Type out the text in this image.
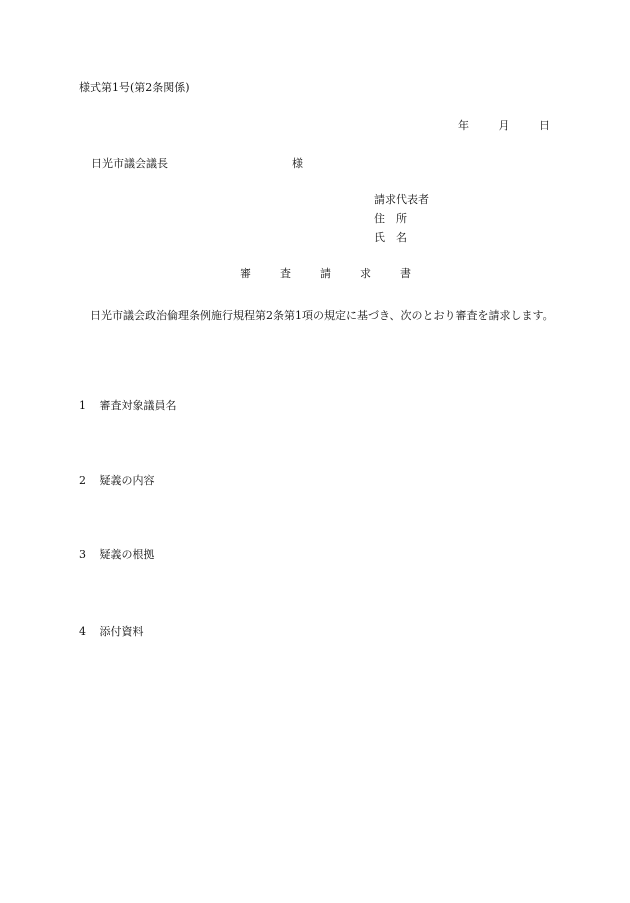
様式第1号(第2条関係)
年	月	日
日光市議会議長	様
請求代表者
住　所
氏　名
審	査	請	求	書
日光市議会政治倫理条例施行規程第2条第1項の規定に基づき、次のとおり審査を請求します。
1 審査対象議員名
2 疑義の内容
3 疑義の根拠
4 添付資料
